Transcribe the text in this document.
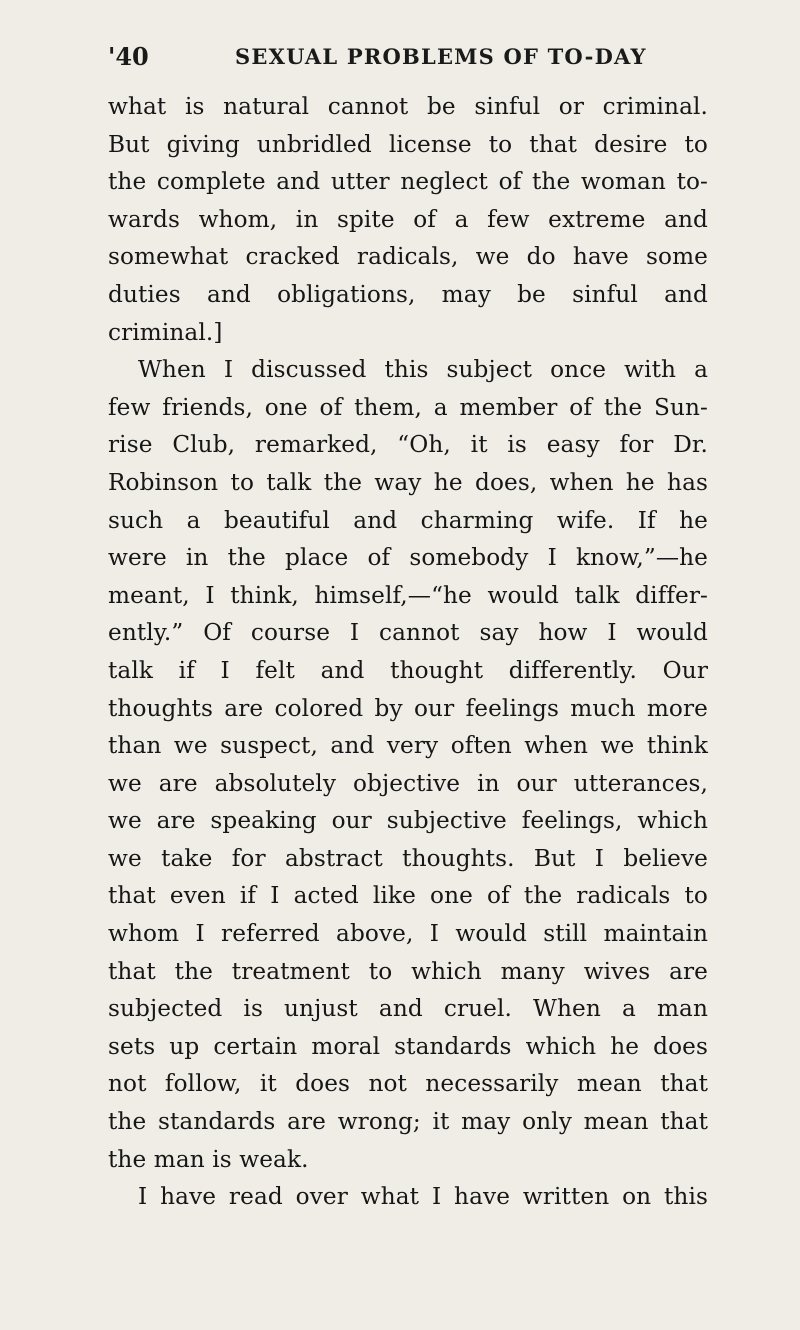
'40	SEXUAL PROBLEMS OF TO-DAY
what is natural cannot be sinful or criminal.
But giving unbridled license to that desire to
the complete and utter neglect of the woman to-
wards whom, in spite of a few extreme and
somewhat cracked radicals, we do have some
duties and obligations, may be sinful and
criminal.]
When I discussed this subject once with a
few friends, one of them, a member of the Sun-
rise Club, remarked, “Oh, it is easy for Dr.
Robinson to talk the way he does, when he has
such a beautiful and charming wife. If he
were in the place of somebody I know,”—he
meant, I think, himself,—“he would talk differ-
ently.” Of course I cannot say how I would
talk if I felt and thought differently. Our
thoughts are colored by our feelings much more
than we suspect, and very often when we think
we are absolutely objective in our utterances,
we are speaking our subjective feelings, which
we take for abstract thoughts. But I believe
that even if I acted like one of the radicals to
whom I referred above, I would still maintain
that the treatment to which many wives are
subjected is unjust and cruel. When a man
sets up certain moral standards which he does
not follow, it does not necessarily mean that
the standards are wrong; it may only mean that
the man is weak.
I have read over what I have written on this
